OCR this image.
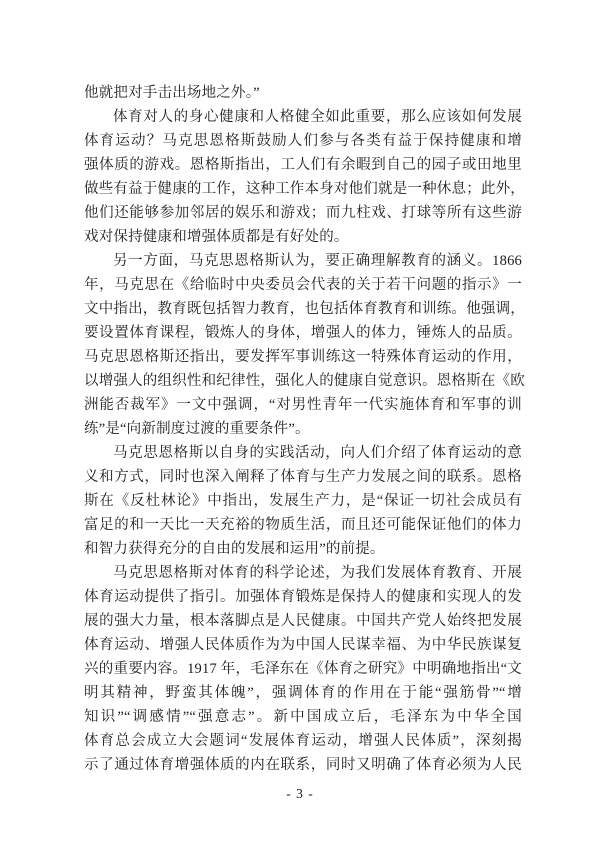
他就把对手击出场地之外。”
体育对人的身心健康和人格健全如此重要，那么应该如何发展
体育运动？马克思恩格斯鼓励人们参与各类有益于保持健康和增
强体质的游戏。恩格斯指出，工人们有余暇到自己的园子或田地里
做些有益于健康的工作，这种工作本身对他们就是一种休息；此外，
他们还能够参加邻居的娱乐和游戏；而九柱戏、打球等所有这些游
戏对保持健康和增强体质都是有好处的。
另一方面，马克思恩格斯认为，要正确理解教育的涵义。1866
年，马克思在《给临时中央委员会代表的关于若干问题的指示》一
文中指出，教育既包括智力教育，也包括体育教育和训练。他强调，
要设置体育课程，锻炼人的身体，增强人的体力，锤炼人的品质。
马克思恩格斯还指出，要发挥军事训练这一特殊体育运动的作用，
以增强人的组织性和纪律性，强化人的健康自觉意识。恩格斯在《欧
洲能否裁军》一文中强调，“对男性青年一代实施体育和军事的训
练”是“向新制度过渡的重要条件”。
马克思恩格斯以自身的实践活动，向人们介绍了体育运动的意
义和方式，同时也深入阐释了体育与生产力发展之间的联系。恩格
斯在《反杜林论》中指出，发展生产力，是“保证一切社会成员有
富足的和一天比一天充裕的物质生活，而且还可能保证他们的体力
和智力获得充分的自由的发展和运用”的前提。
马克思恩格斯对体育的科学论述，为我们发展体育教育、开展
体育运动提供了指引。加强体育锻炼是保持人的健康和实现人的发
展的强大力量，根本落脚点是人民健康。中国共产党人始终把发展
体育运动、增强人民体质作为为中国人民谋幸福、为中华民族谋复
兴的重要内容。1917 年，毛泽东在《体育之研究》中明确地指出“文
明其精神，野蛮其体魄”，强调体育的作用在于能“强筋骨”“增
知识”“调感情”“强意志”。新中国成立后，毛泽东为中华全国
体育总会成立大会题词“发展体育运动，增强人民体质”，深刻揭
示了通过体育增强体质的内在联系，同时又明确了体育必须为人民
- 3 -
